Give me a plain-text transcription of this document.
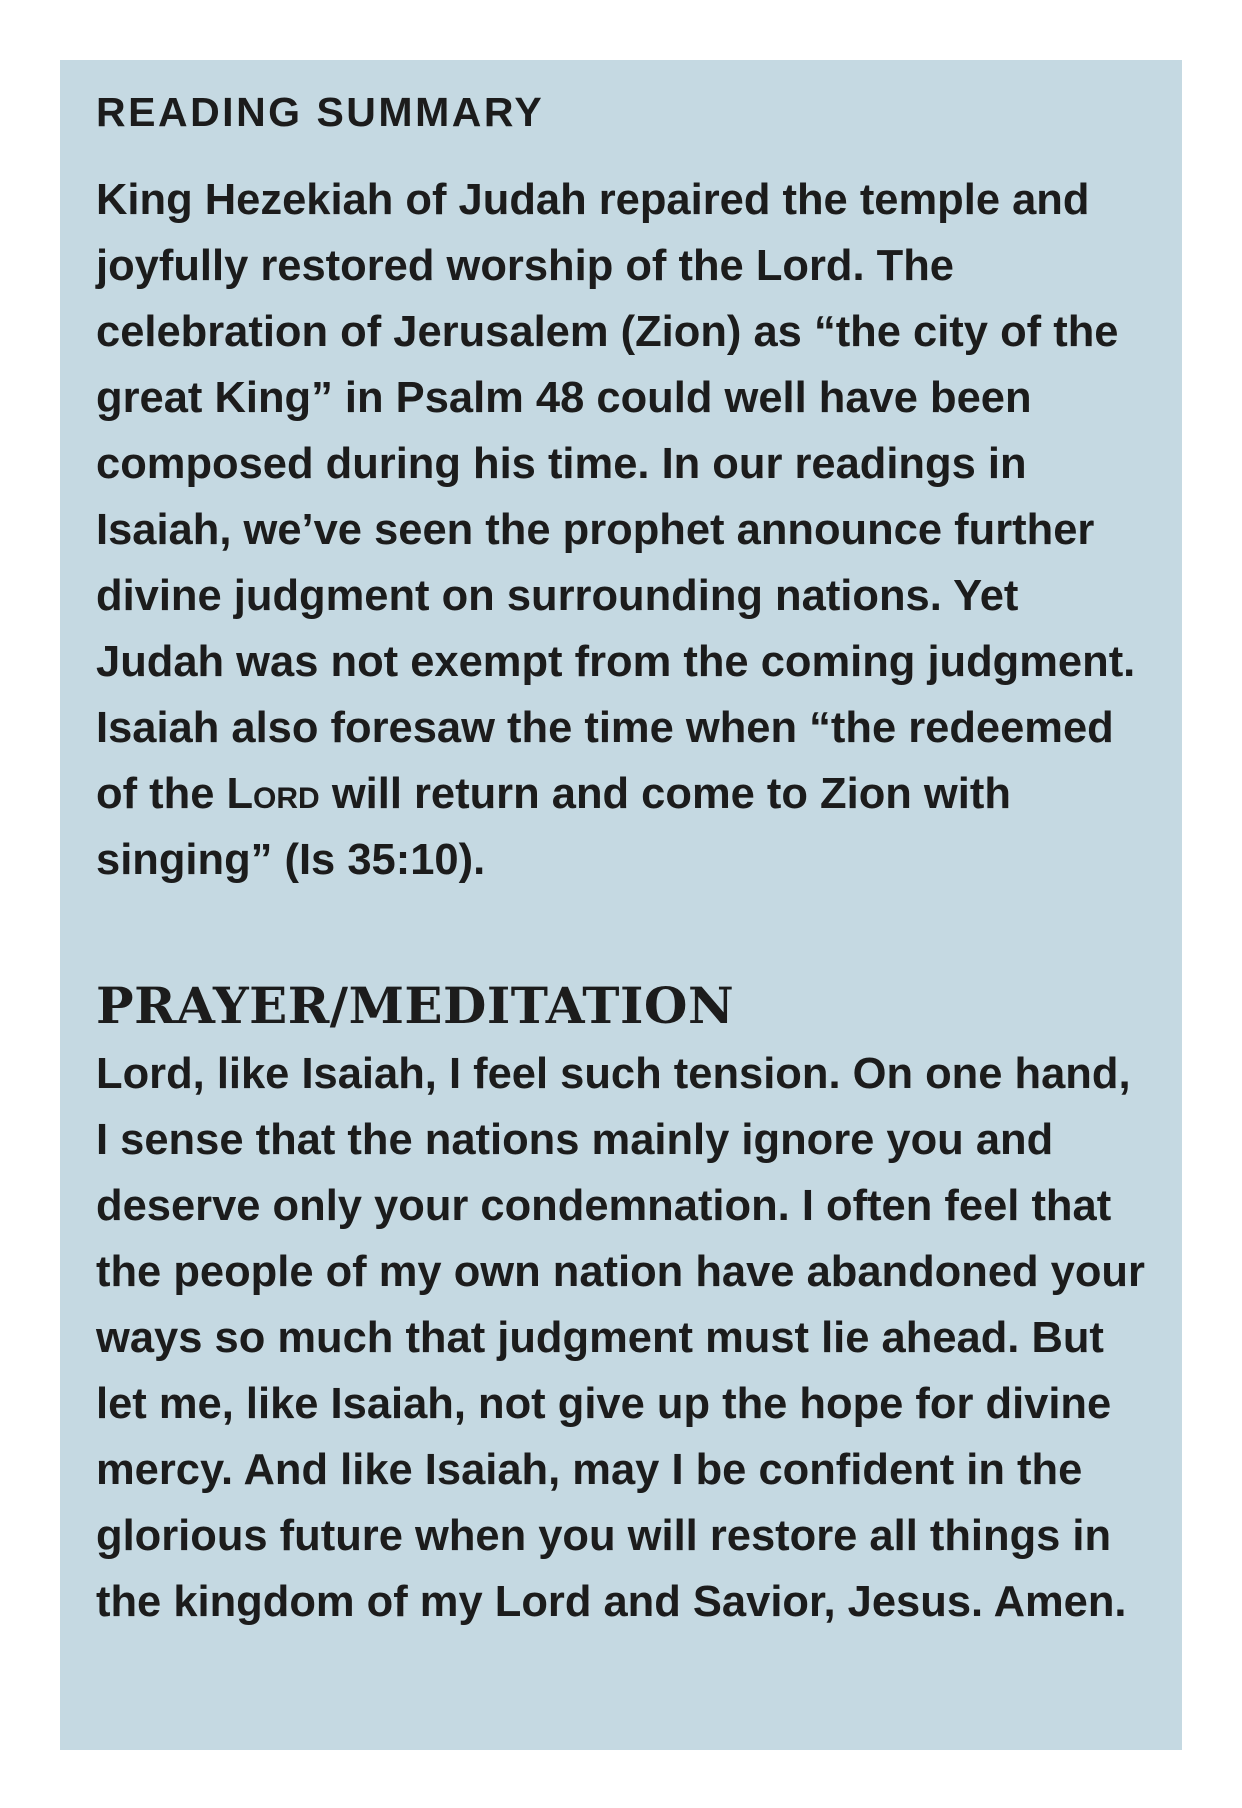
READING SUMMARY

King Hezekiah of Judah repaired the temple and joyfully restored worship of the Lord. The celebration of Jerusalem (Zion) as “the city of the great King” in Psalm 48 could well have been composed during his time. In our readings in Isaiah, we’ve seen the prophet announce further divine judgment on surrounding nations. Yet Judah was not exempt from the coming judgment. Isaiah also foresaw the time when “the redeemed of the Lord will return and come to Zion with singing” (Is 35:10).

PRAYER/MEDITATION

Lord, like Isaiah, I feel such tension. On one hand, I sense that the nations mainly ignore you and deserve only your condemnation. I often feel that the people of my own nation have abandoned your ways so much that judgment must lie ahead. But let me, like Isaiah, not give up the hope for divine mercy. And like Isaiah, may I be confident in the glorious future when you will restore all things in the kingdom of my Lord and Savior, Jesus. Amen.
